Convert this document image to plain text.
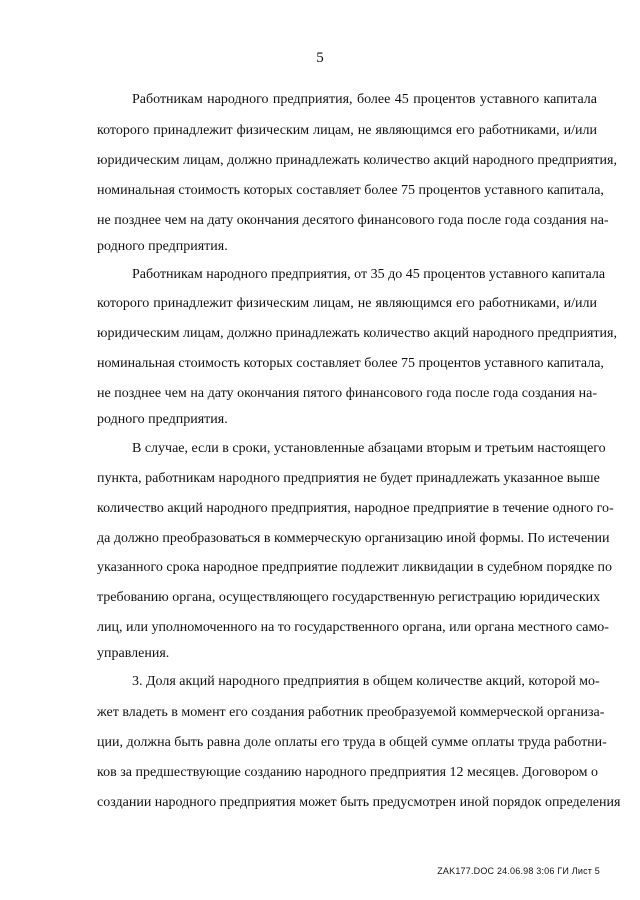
5
Работникам народного предприятия, более 45 процентов уставного капитала
которого принадлежит физическим лицам, не являющимся его работниками, и/или
юридическим лицам, должно принадлежать количество акций народного предприятия,
номинальная стоимость которых составляет более 75 процентов уставного капитала,
не позднее чем на дату окончания десятого финансового года после года создания на-
родного предприятия.
Работникам народного предприятия, от 35 до 45 процентов уставного капитала
которого принадлежит физическим лицам, не являющимся его работниками, и/или
юридическим лицам, должно принадлежать количество акций народного предприятия,
номинальная стоимость которых составляет более 75 процентов уставного капитала,
не позднее чем на дату окончания пятого финансового года после года создания на-
родного предприятия.
В случае, если в сроки, установленные абзацами вторым и третьим настоящего
пункта, работникам народного предприятия не будет принадлежать указанное выше
количество акций народного предприятия, народное предприятие в течение одного го-
да должно преобразоваться в коммерческую организацию иной формы. По истечении
указанного срока народное предприятие подлежит ликвидации в судебном порядке по
требованию органа, осуществляющего государственную регистрацию юридических
лиц, или уполномоченного на то государственного органа, или органа местного само-
управления.
3. Доля акций народного предприятия в общем количестве акций, которой мо-
жет владеть в момент его создания работник преобразуемой коммерческой организа-
ции, должна быть равна доле оплаты его труда в общей сумме оплаты труда работни-
ков за предшествующие созданию народного предприятия 12 месяцев. Договором о
создании народного предприятия может быть предусмотрен иной порядок определения
ZAK177.DOC 24.06.98 3:06 ГИ Лист 5
